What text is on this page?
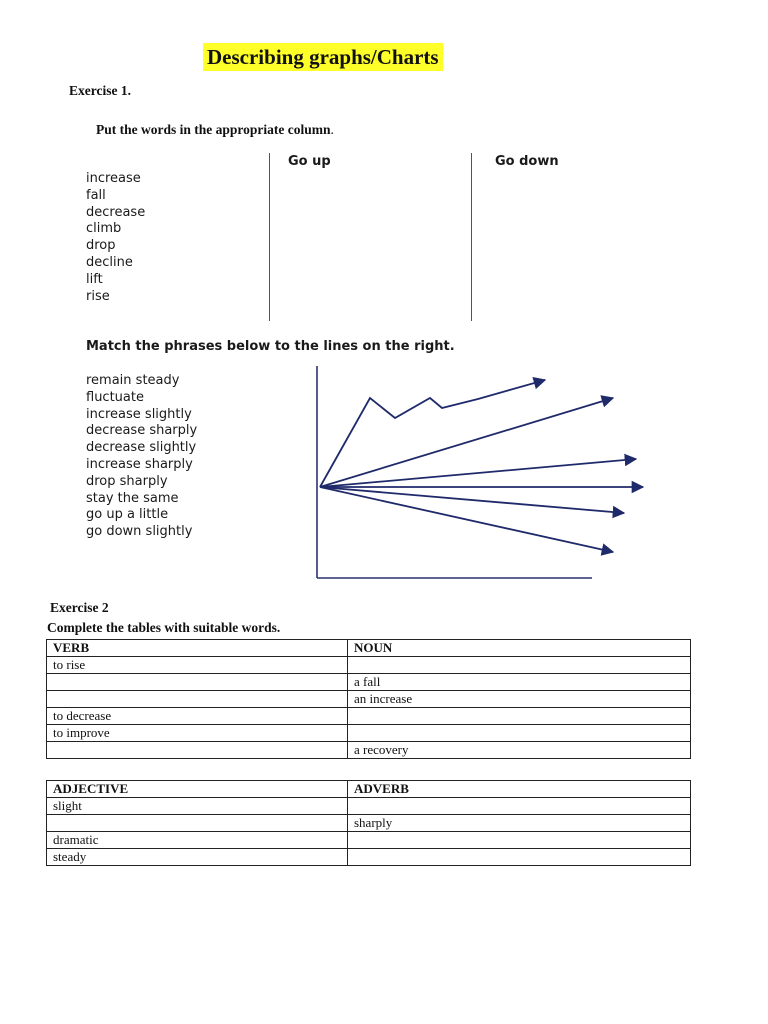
Describing graphs/Charts
Exercise 1.
Put the words in the appropriate column.
Go up	Go down
increase
fall
decrease
climb
drop
decline
lift
rise
Match the phrases below to the lines on the right.
remain steady
fluctuate
increase slightly
decrease sharply
decrease slightly
increase sharply
drop sharply
stay the same
go up a little
go down slightly
Exercise 2
Complete the tables with suitable words.
VERB	NOUN
to rise	
	a fall
	an increase
to decrease	
to improve	
	a recovery
ADJECTIVE	ADVERB
slight	
	sharply
dramatic	
steady	
